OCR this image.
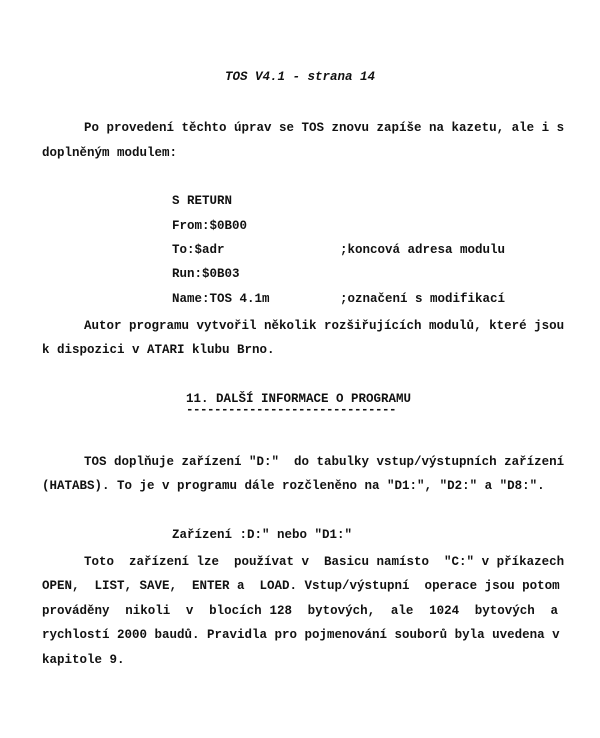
TOS V4.1 - strana 14
Po provedení těchto úprav se TOS znovu zapíše na kazetu, ale i s
doplněným modulem:
S RETURN
From:$0B00
To:$adr	;koncová adresa modulu
Run:$0B03
Name:TOS 4.1m	;označení s modifikací
Autor programu vytvořil několik rozšiřujících modulů, které jsou
k dispozici v ATARI klubu Brno.
11. DALŠÍ INFORMACE O PROGRAMU
------------------------------
TOS doplňuje zařízení "D:"  do tabulky vstup/výstupních zařízení
(HATABS). To je v programu dále rozčleněno na "D1:", "D2:" a "D8:".
Zařízení :D:" nebo "D1:"
Toto  zařízení lze  používat v  Basicu namísto  "C:" v příkazech
OPEN,  LIST, SAVE,  ENTER a  LOAD. Vstup/výstupní  operace jsou potom
prováděny  nikoli  v  blocích 128  bytových,  ale  1024  bytových  a
rychlostí 2000 baudů. Pravidla pro pojmenování souborů byla uvedena v
kapitole 9.
